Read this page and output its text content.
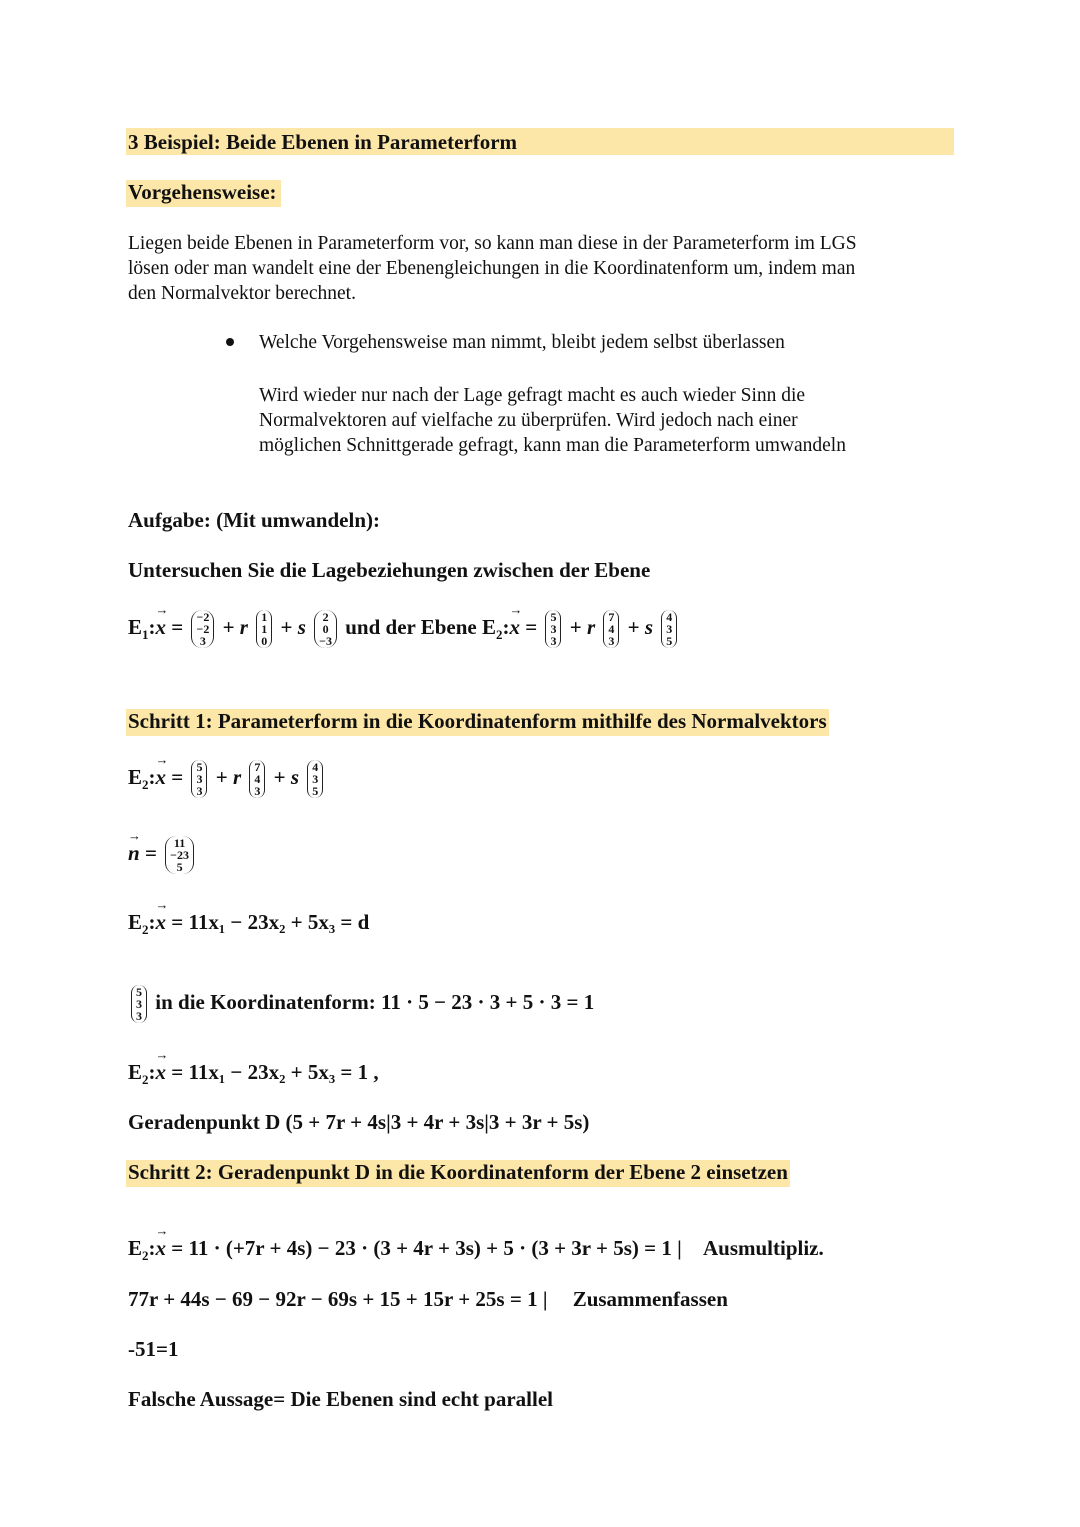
3 Beispiel: Beide Ebenen in Parameterform
Vorgehensweise:
Liegen beide Ebenen in Parameterform vor, so kann man diese in der Parameterform im LGS
lösen oder man wandelt eine der Ebenengleichungen in die Koordinatenform um, indem man
den Normalvektor berechnet.
Welche Vorgehensweise man nimmt, bleibt jedem selbst überlassen
Wird wieder nur nach der Lage gefragt macht es auch wieder Sinn die
Normalvektoren auf vielfache zu überprüfen. Wird jedoch nach einer
möglichen Schnittgerade gefragt, kann man die Parameterform umwandeln
Aufgabe: (Mit umwandeln):
Untersuchen Sie die Lagebeziehungen zwischen der Ebene
$E_1:\to x = -2$
−2
3
+ r 1
1
0
+ s 2
0
−3
und der Ebene $E_2:\to x = 5$
3
3
+ r 7
4
3
+ s 4
3
5
Schritt 1: Parameterform in die Koordinatenform mithilfe des Normalvektors
$E_2:\to x = 5$
3
3
+ r 7
4
3
+ s 4
3
5
→ n = 11
−23
5
$E_2:\to x = 11x_1 - 23x_2 + 5x_3 = d$
5
3
3
in die Koordinatenform: 11 · 5 − 23 · 3 + 5 · 3 = 1
$E_2:\to x = 11x_1 - 23x_2 + 5x_3 = 1$ ,
Geradenpunkt D (5 + 7r + 4s|3 + 4r + 3s|3 + 3r + 5s)
Schritt 2: Geradenpunkt D in die Koordinatenform der Ebene 2 einsetzen
$E_2:\to x = 11 \cdot (+7r + 4s) - 23 \cdot (3 + 4r + 3s) + 5 \cdot (3 + 3r + 5s) = 1$ | Ausmultipliz.
77r + 44s − 69 − 92r − 69s + 15 + 15r + 25s = 1 | Zusammenfassen
-51=1
Falsche Aussage= Die Ebenen sind echt parallel
